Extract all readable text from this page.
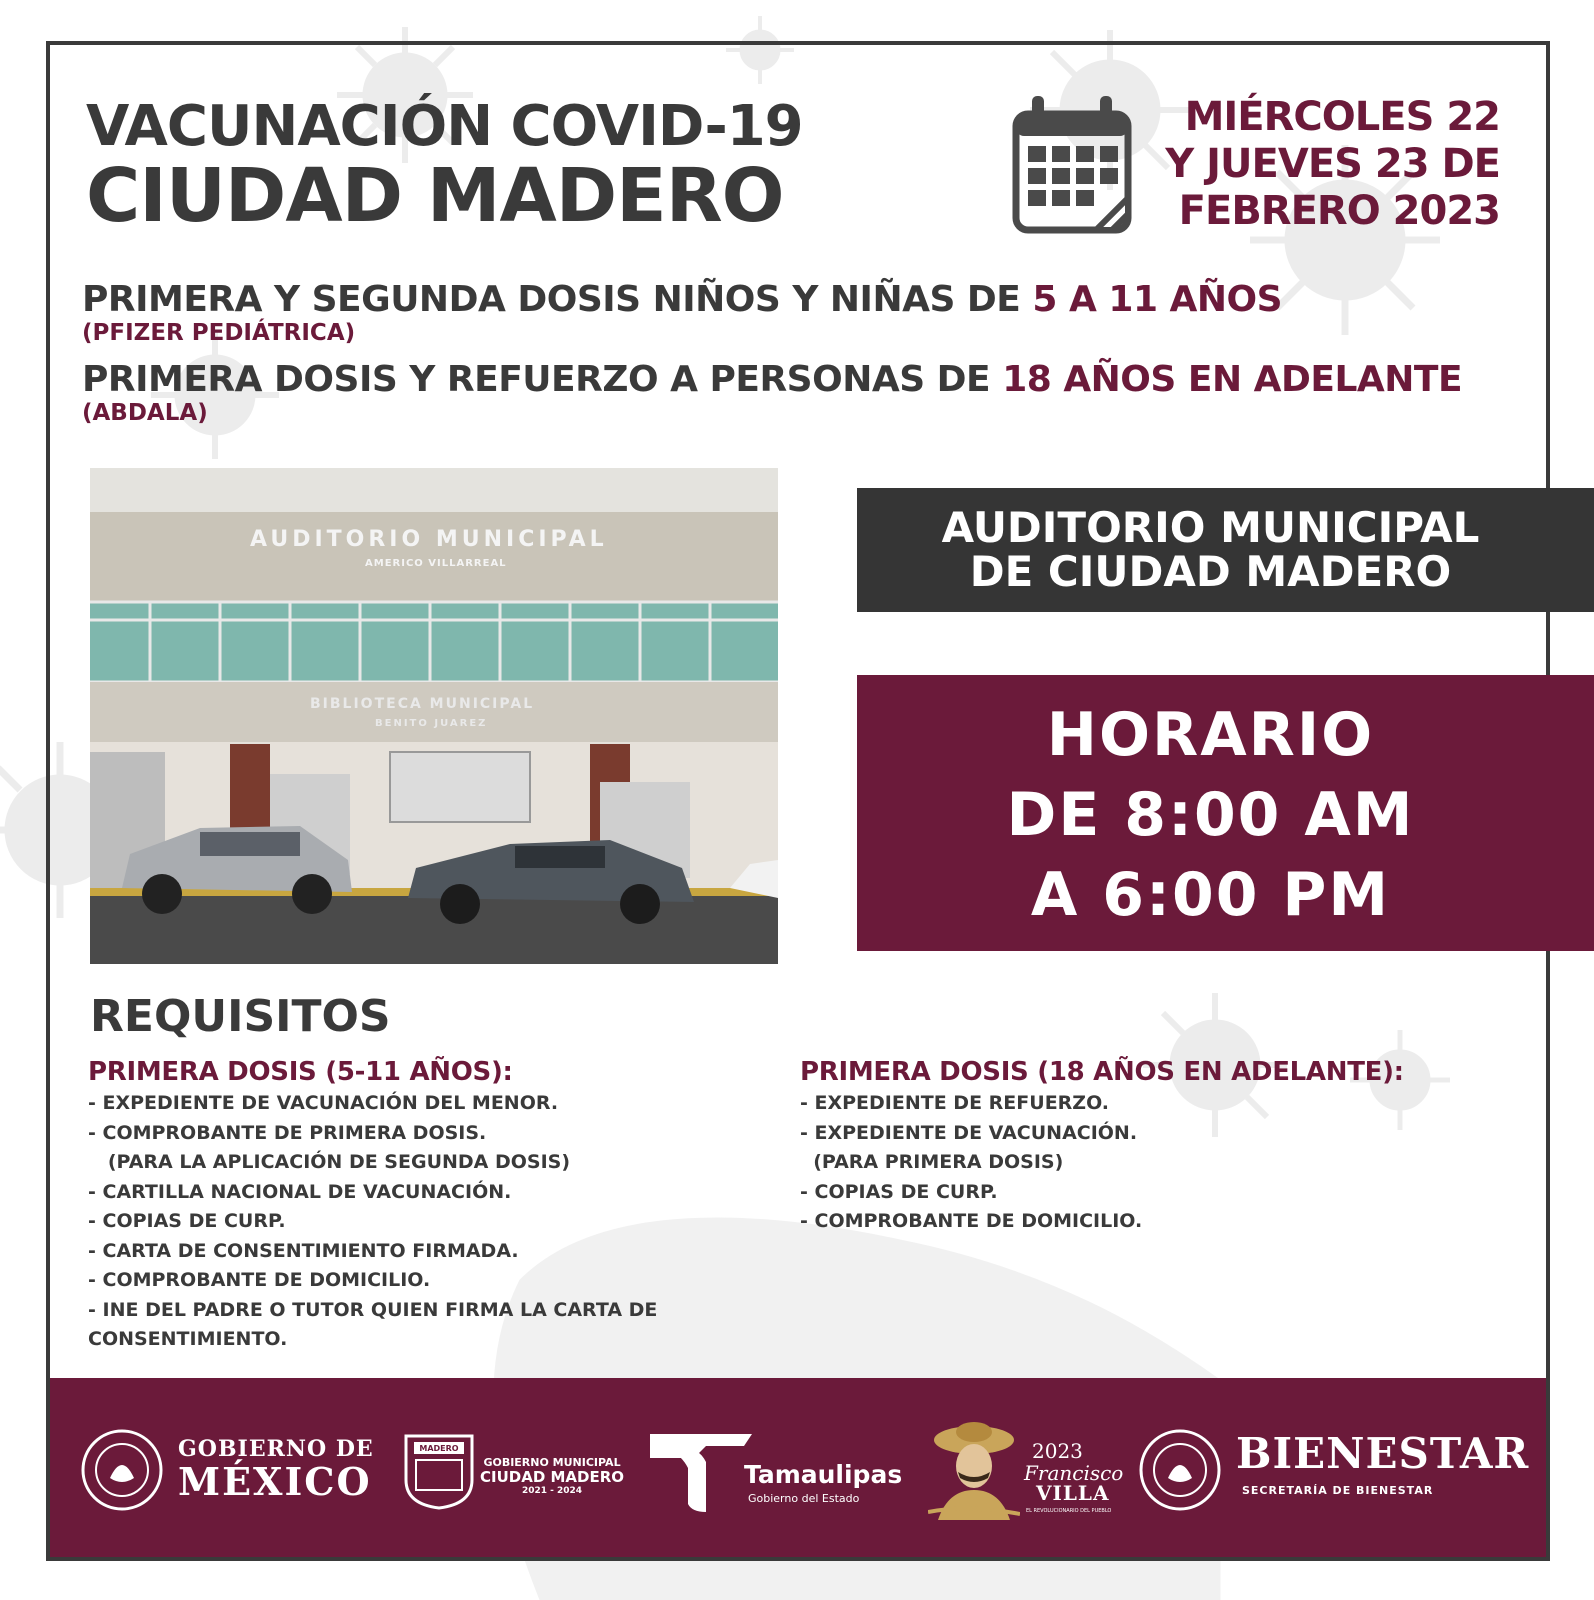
VACUNACIÓN COVID-19
CIUDAD MADERO
MIÉRCOLES 22
Y JUEVES 23 DE
FEBRERO 2023
PRIMERA Y SEGUNDA DOSIS NIÑOS Y NIÑAS DE 5 A 11 AÑOS
(PFIZER PEDIÁTRICA)
PRIMERA DOSIS Y REFUERZO A PERSONAS DE 18 AÑOS EN ADELANTE
(ABDALA)
AUDITORIO MUNICIPAL
AMERICO VILLARREAL
BIBLIOTECA MUNICIPAL
BENITO JUAREZ
AUDITORIO MUNICIPAL
DE CIUDAD MADERO
HORARIO
DE 8:00 AM
A 6:00 PM
REQUISITOS
PRIMERA DOSIS (5-11 AÑOS):
- EXPEDIENTE DE VACUNACIÓN DEL MENOR.
- COMPROBANTE DE PRIMERA DOSIS.
(PARA LA APLICACIÓN DE SEGUNDA DOSIS)
- CARTILLA NACIONAL DE VACUNACIÓN.
- COPIAS DE CURP.
- CARTA DE CONSENTIMIENTO FIRMADA.
- COMPROBANTE DE DOMICILIO.
- INE DEL PADRE O TUTOR QUIEN FIRMA LA CARTA DE
CONSENTIMIENTO.
PRIMERA DOSIS (18 AÑOS EN ADELANTE):
- EXPEDIENTE DE REFUERZO.
- EXPEDIENTE DE VACUNACIÓN.
(PARA PRIMERA DOSIS)
- COPIAS DE CURP.
- COMPROBANTE DE DOMICILIO.
GOBIERNO DE
MÉXICO
MADERO
GOBIERNO MUNICIPAL
CIUDAD MADERO
2021 - 2024
Tamaulipas
Gobierno del Estado
2023
Francisco
VILLA
EL REVOLUCIONARIO DEL PUEBLO
BIENESTAR
SECRETARÍA DE BIENESTAR
